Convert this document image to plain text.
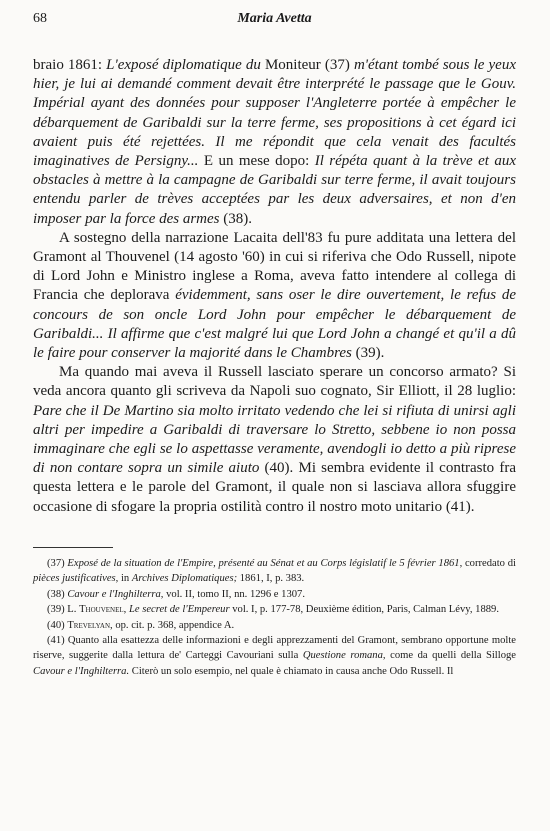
68	Maria Avetta

braio 1861: L'exposé diplomatique du Moniteur (37) m'étant tombé sous le yeux hier, je lui ai demandé comment devait être interprété le passage que le Gouv. Impérial ayant des données pour supposer l'Angleterre portée à empêcher le débarquement de Garibaldi sur la terre ferme, ses propositions à cet égard ici avaient puis été rejettées. Il me répondit que cela venait des facultés imaginatives de Persigny... E un mese dopo: Il répéta quant à la trève et aux obstacles à mettre à la campagne de Garibaldi sur terre ferme, il avait toujours entendu parler de trèves acceptées par les deux adversaires, et non d'en imposer par la force des armes (38).

A sostegno della narrazione Lacaita dell'83 fu pure additata una lettera del Gramont al Thouvenel (14 agosto '60) in cui si riferiva che Odo Russell, nipote di Lord John e Ministro inglese a Roma, aveva fatto intendere al collega di Francia che deplorava évidemment, sans oser le dire ouvertement, le refus de concours de son oncle Lord John pour empêcher le débarquement de Garibaldi... Il affirme que c'est malgré lui que Lord John a changé et qu'il a dû le faire pour conserver la majorité dans le Chambres (39).

Ma quando mai aveva il Russell lasciato sperare un concorso armato? Si veda ancora quanto gli scriveva da Napoli suo cognato, Sir Elliott, il 28 luglio: Pare che il De Martino sia molto irritato vedendo che lei si rifiuta di unirsi agli altri per impedire a Garibaldi di traversare lo Stretto, sebbene io non possa immaginare che egli se lo aspettasse veramente, avendogli io detto a più riprese di non contare sopra un simile aiuto (40). Mi sembra evidente il contrasto fra questa lettera e le parole del Gramont, il quale non si lasciava allora sfuggire occasione di sfogare la propria ostilità contro il nostro moto unitario (41).

(37) Exposé de la situation de l'Empire, présenté au Sénat et au Corps législatif le 5 février 1861, corredato di pièces justificatives, in Archives Diplomatiques; 1861, I, p. 383.

(38) Cavour e l'Inghilterra, vol. II, tomo II, nn. 1296 e 1307.

(39) L. Thouvenel, Le secret de l'Empereur vol. I, p. 177-78, Deuxième édition, Paris, Calman Lévy, 1889.

(40) Trevelyan, op. cit. p. 368, appendice A.

(41) Quanto alla esattezza delle informazioni e degli apprezzamenti del Gramont, sembrano opportune molte riserve, suggerite dalla lettura de' Carteggi Cavouriani sulla Questione romana, come da quelli della Silloge Cavour e l'Inghilterra. Citerò un solo esempio, nel quale è chiamato in causa anche Odo Russell. Il
